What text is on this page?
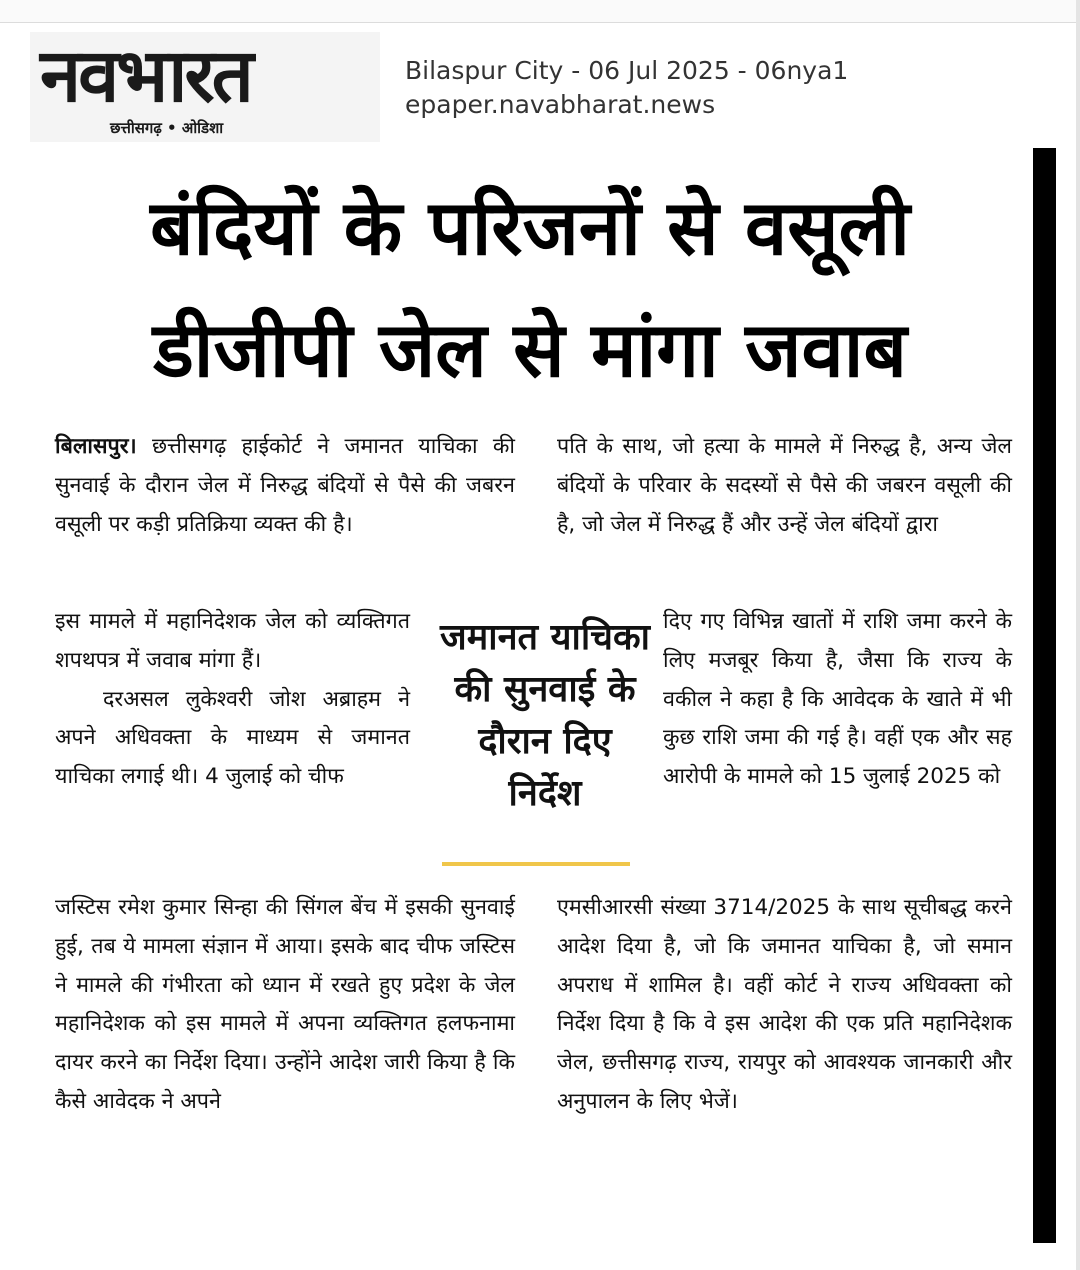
नवभारत
छत्तीसगढ़ • ओडिशा
Bilaspur City - 06 Jul 2025 - 06nya1
epaper.navabharat.news
बंदियों के परिजनों से वसूली
डीजीपी जेल से मांगा जवाब
बिलासपुर। छत्तीसगढ़ हाईकोर्ट ने जमानत याचिका की सुनवाई के दौरान जेल में निरुद्ध बंदियों से पैसे की जबरन वसूली पर कड़ी प्रतिक्रिया व्यक्त की है।
इस मामले में महानिदेशक जेल को व्यक्तिगत शपथपत्र में जवाब मांगा हैं।
दरअसल लुकेश्वरी जोश अब्राहम ने अपने अधिवक्ता के माध्यम से जमानत याचिका लगाई थी। 4 जुलाई को चीफ
जस्टिस रमेश कुमार सिन्हा की सिंगल बेंच में इसकी सुनवाई हुई, तब ये मामला संज्ञान में आया। इसके बाद चीफ जस्टिस ने मामले की गंभीरता को ध्यान में रखते हुए प्रदेश के जेल महानिदेशक को इस मामले में अपना व्यक्तिगत हलफनामा दायर करने का निर्देश दिया। उन्होंने आदेश जारी किया है कि कैसे आवेदक ने अपने
जमानत याचिका की सुनवाई के दौरान दिए निर्देश
पति के साथ, जो हत्या के मामले में निरुद्ध है, अन्य जेल बंदियों के परिवार के सदस्यों से पैसे की जबरन वसूली की है, जो जेल में निरुद्ध हैं और उन्हें जेल बंदियों द्वारा
दिए गए विभिन्न खातों में राशि जमा करने के लिए मजबूर किया है, जैसा कि राज्य के वकील ने कहा है कि आवेदक के खाते में भी कुछ राशि जमा की गई है। वहीं एक और सह आरोपी के मामले को 15 जुलाई 2025 को
एमसीआरसी संख्या 3714/2025 के साथ सूचीबद्ध करने आदेश दिया है, जो कि जमानत याचिका है, जो समान अपराध में शामिल है। वहीं कोर्ट ने राज्य अधिवक्ता को निर्देश दिया है कि वे इस आदेश की एक प्रति महानिदेशक जेल, छत्तीसगढ़ राज्य, रायपुर को आवश्यक जानकारी और अनुपालन के लिए भेजें।
